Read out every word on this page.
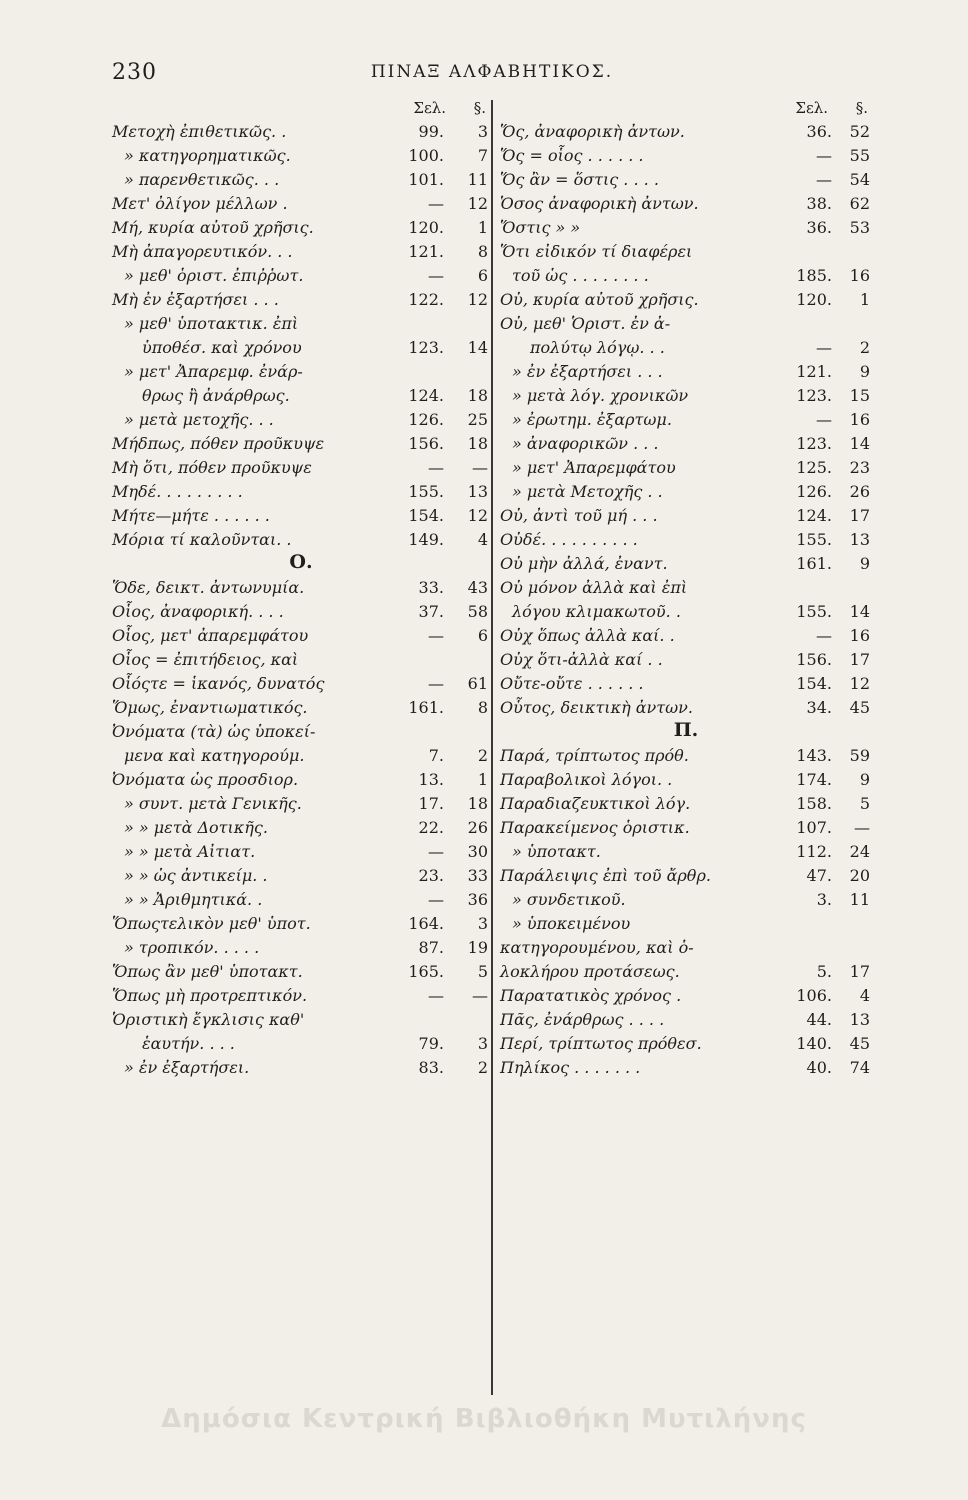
230	ΠΙΝΑΞ ΑΛΦΑΒΗΤΙΚΟΣ.
Σελ. §.
Μετοχὴ ἐπιθετικῶς. .	99.	3
» κατηγορηματικῶς.	100.	7
» παρενθετικῶς. . .	101.	11
Μετ' ὀλίγον μέλλων .	—	12
Μή, κυρία αὐτοῦ χρῆσις.	120.	1
Μὴ ἀπαγορευτικόν. . .	121.	8
» μεθ' ὁριστ. ἐπιῤῥωτ.	—	6
Μὴ ἐν ἐξαρτήσει . . .	122.	12
» μεθ' ὑποτακτικ. ἐπὶ
ὑποθέσ. καὶ χρόνου	123.	14
» μετ' Ἀπαρεμφ. ἐνάρ-
θρως ἢ ἀνάρθρως.	124.	18
» μετὰ μετοχῆς. . .	126.	25
Μήδπως, πόθεν προῦκυψε	156.	18
Μὴ ὅτι, πόθεν προῦκυψε	—	—
Μηδέ. . . . . . . . .	155.	13
Μήτε—μήτε . . . . . .	154.	12
Μόρια τί καλοῦνται. .	149.	4
Ο.
Ὅδε, δεικτ. ἀντωνυμία.	33.	43
Οἷος, ἀναφορική. . . .	37.	58
Οἷος, μετ' ἀπαρεμφάτου	—	6
Οἷος = ἐπιτήδειος, καὶ
Οἷόςτε = ἱκανός, δυνατός	—	61
Ὅμως, ἐναντιωματικός.	161.	8
Ὀνόματα (τὰ) ὡς ὑποκεί-
μενα καὶ κατηγορούμ.	7.	2
Ὀνόματα ὡς προσδιορ.	13.	1
» συντ. μετὰ Γενικῆς.	17.	18
» » μετὰ Δοτικῆς.	22.	26
» » μετὰ Αἰτιατ.	—	30
» » ὡς ἀντικείμ. .	23.	33
» » Ἀριθμητικά. .	—	36
Ὅπωςτελικὸν μεθ' ὑποτ.	164.	3
» τροπικόν. . . . .	87.	19
Ὅπως ἂν μεθ' ὑποτακτ.	165.	5
Ὅπως μὴ προτρεπτικόν.	—	—
Ὁριστικὴ ἔγκλισις καθ'
ἑαυτήν. . . .	79.	3
» ἐν ἐξαρτήσει.	83.	2
Σελ. §.
Ὅς, ἀναφορικὴ ἀντων.	36.	52
Ὅς = οἷος . . . . . .	—	55
Ὅς ἂν = ὅστις . . . .	—	54
Ὁσος ἀναφορικὴ ἀντων.	38.	62
Ὅστις » »	36.	53
Ὅτι εἰδικόν τί διαφέρει
τοῦ ὡς . . . . . . . .	185.	16
Οὐ, κυρία αὐτοῦ χρῆσις.	120.	1
Οὐ, μεθ' Ὁριστ. ἐν ἀ-
πολύτῳ λόγῳ. . .	—	2
» ἐν ἐξαρτήσει . . .	121.	9
» μετὰ λόγ. χρονικῶν	123.	15
» ἐρωτημ. ἐξαρτωμ.	—	16
» ἀναφορικῶν . . .	123.	14
» μετ' Ἀπαρεμφάτου	125.	23
» μετὰ Μετοχῆς . .	126.	26
Οὐ, ἀντὶ τοῦ μή . . .	124.	17
Οὐδέ. . . . . . . . . .	155.	13
Οὐ μὴν ἀλλά, ἐναντ.	161.	9
Οὐ μόνον ἀλλὰ καὶ ἐπὶ
λόγου κλιμακωτοῦ. .	155.	14
Οὐχ ὅπως ἀλλὰ καί. .	—	16
Οὐχ ὅτι-ἀλλὰ καί . .	156.	17
Οὔτε-οὔτε . . . . . .	154.	12
Οὗτος, δεικτικὴ ἀντων.	34.	45
Π.
Παρά, τρίπτωτος πρόθ.	143.	59
Παραβολικοὶ λόγοι. .	174.	9
Παραδιαζευκτικοὶ λόγ.	158.	5
Παρακείμενος ὁριστικ.	107.	—
» ὑποτακτ.	112.	24
Παράλειψις ἐπὶ τοῦ ἄρθρ.	47.	20
» συνδετικοῦ.	3.	11
» ὑποκειμένου
κατηγορουμένου, καὶ ὁ-
λοκλήρου προτάσεως.	5.	17
Παρατατικὸς χρόνος .	106.	4
Πᾶς, ἐνάρθρως . . . .	44.	13
Περί, τρίπτωτος πρόθεσ.	140.	45
Πηλίκος . . . . . . .	40.	74
Δημόσια Κεντρική Βιβλιοθήκη Μυτιλήνης
